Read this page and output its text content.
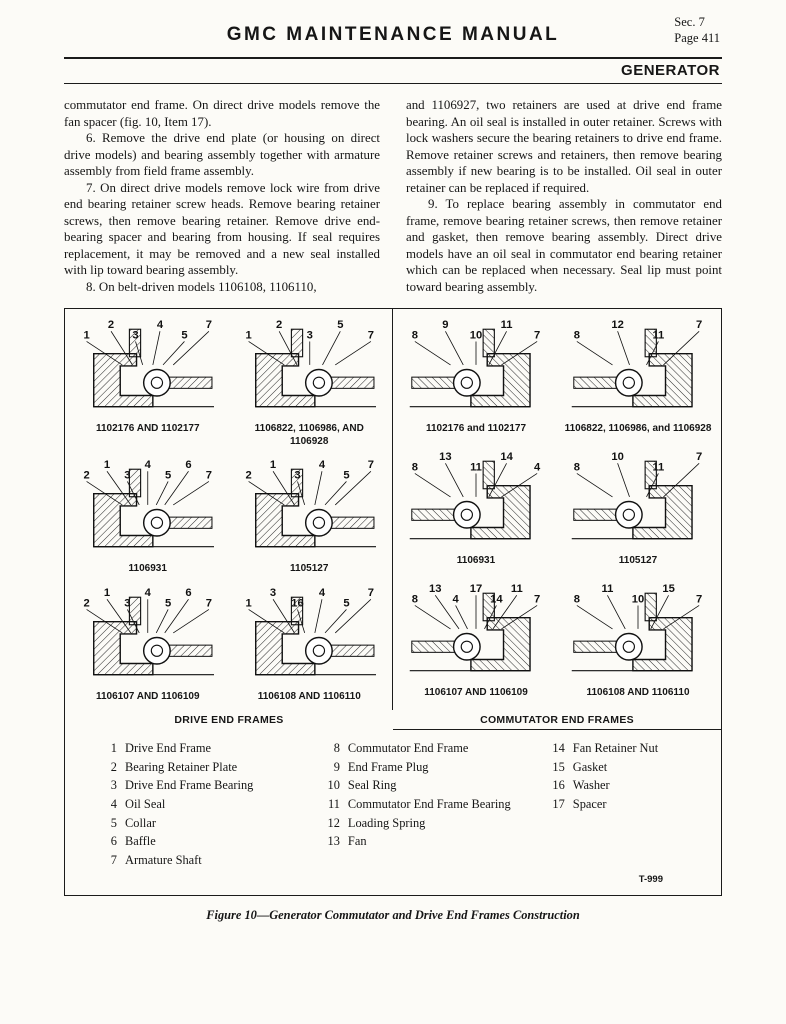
Sec. 7
Page 411
GMC MAINTENANCE MANUAL
GENERATOR

commutator end frame. On direct drive models remove the fan spacer (fig. 10, Item 17).

6. Remove the drive end plate (or housing on direct drive models) and bearing assembly together with armature assembly from field frame assembly.

7. On direct drive models remove lock wire from drive end bearing retainer screw heads. Remove bearing retainer screws, then remove bearing retainer. Remove drive end-bearing spacer and bearing from housing. If seal requires replacement, it may be removed and a new seal installed with lip toward bearing assembly.

8. On belt-driven models 1106108, 1106110,

and 1106927, two retainers are used at drive end frame bearing. An oil seal is installed in outer retainer. Screws with lock washers secure the bearing retainers to drive end frame. Remove retainer screws and retainers, then remove bearing assembly if new bearing is to be installed. Oil seal in outer retainer can be replaced if required.

9. To replace bearing assembly in commutator end frame, remove bearing retainer screws, then remove retainer and gasket, then remove bearing assembly. Direct drive models have an oil seal in commutator end bearing retainer which can be replaced when necessary. Seal lip must point toward bearing assembly.

1
2
3
4
5
7
1102176 AND 1102177
1
2
3
5
7
1106822, 1106986, AND 1106928
2
1
3
4
5
6
7
1106931
2
1
3
4
5
7
1105127
2
1
3
4
5
6
7
1106107 AND 1106109
1
3
16
4
5
7
1106108 AND 1106110
8
9
10
11
7
1102176 and 1102177
8
12
11
7
1106822, 1106986, and 1106928
8
13
11
14
4
1106931
8
10
11
7
1105127
8
13
4
17
14
11
7
1106107 AND 1106109
8
11
10
15
7
1106108 AND 1106110
DRIVE END FRAMES	COMMUTATOR END FRAMES
1 Drive End Frame
2 Bearing Retainer Plate
3 Drive End Frame Bearing
4 Oil Seal
5 Collar
6 Baffle
7 Armature Shaft
8 Commutator End Frame
9 End Frame Plug
10 Seal Ring
11 Commutator End Frame Bearing
12 Loading Spring
13 Fan
14 Fan Retainer Nut
15 Gasket
16 Washer
17 Spacer
T-999
Figure 10—Generator Commutator and Drive End Frames Construction
